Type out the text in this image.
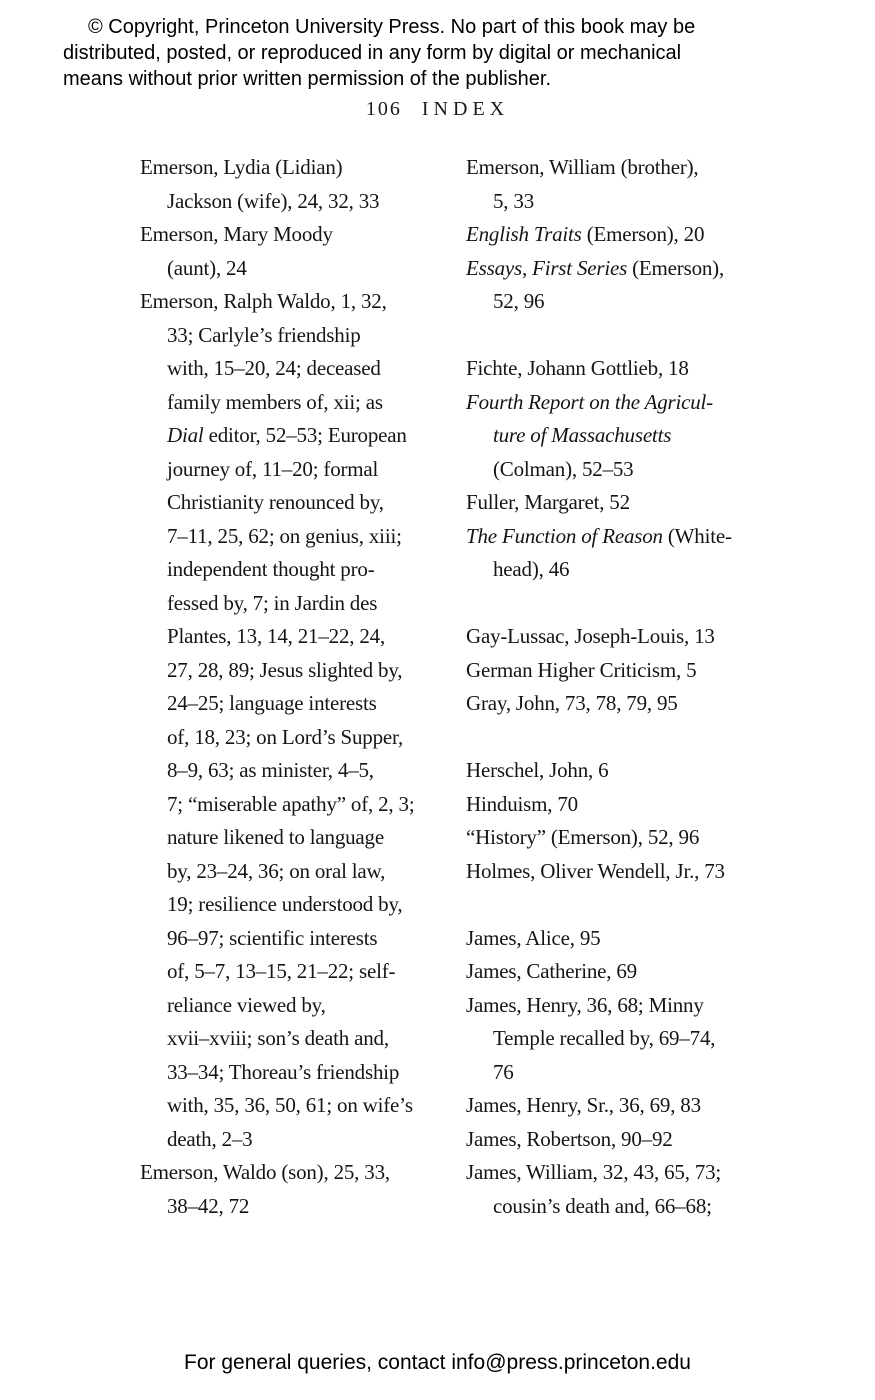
© Copyright, Princeton University Press. No part of this book may be
distributed, posted, or reproduced in any form by digital or mechanical
means without prior written permission of the publisher.
106 INDEX
Emerson, Lydia (Lidian)
Jackson (wife), 24, 32, 33
Emerson, Mary Moody
(aunt), 24
Emerson, Ralph Waldo, 1, 32,
33; Carlyle’s friendship
with, 15–20, 24; deceased
family members of, xii; as
Dial editor, 52–53; European
journey of, 11–20; formal
Christianity renounced by,
7–11, 25, 62; on genius, xiii;
independent thought pro-
fessed by, 7; in Jardin des
Plantes, 13, 14, 21–22, 24,
27, 28, 89; Jesus slighted by,
24–25; language interests
of, 18, 23; on Lord’s Supper,
8–9, 63; as minister, 4–5,
7; “miserable apathy” of, 2, 3;
nature likened to language
by, 23–24, 36; on oral law,
19; resilience understood by,
96–97; scientific interests
of, 5–7, 13–15, 21–22; self-
reliance viewed by,
xvii–xviii; son’s death and,
33–34; Thoreau’s friendship
with, 35, 36, 50, 61; on wife’s
death, 2–3
Emerson, Waldo (son), 25, 33,
38–42, 72
Emerson, William (brother),
5, 33
English Traits (Emerson), 20
Essays, First Series (Emerson),
52, 96
Fichte, Johann Gottlieb, 18
Fourth Report on the Agricul-
ture of Massachusetts
(Colman), 52–53
Fuller, Margaret, 52
The Function of Reason (White-
head), 46
Gay-Lussac, Joseph-Louis, 13
German Higher Criticism, 5
Gray, John, 73, 78, 79, 95
Herschel, John, 6
Hinduism, 70
“History” (Emerson), 52, 96
Holmes, Oliver Wendell, Jr., 73
James, Alice, 95
James, Catherine, 69
James, Henry, 36, 68; Minny
Temple recalled by, 69–74,
76
James, Henry, Sr., 36, 69, 83
James, Robertson, 90–92
James, William, 32, 43, 65, 73;
cousin’s death and, 66–68;
For general queries, contact info@press.princeton.edu
